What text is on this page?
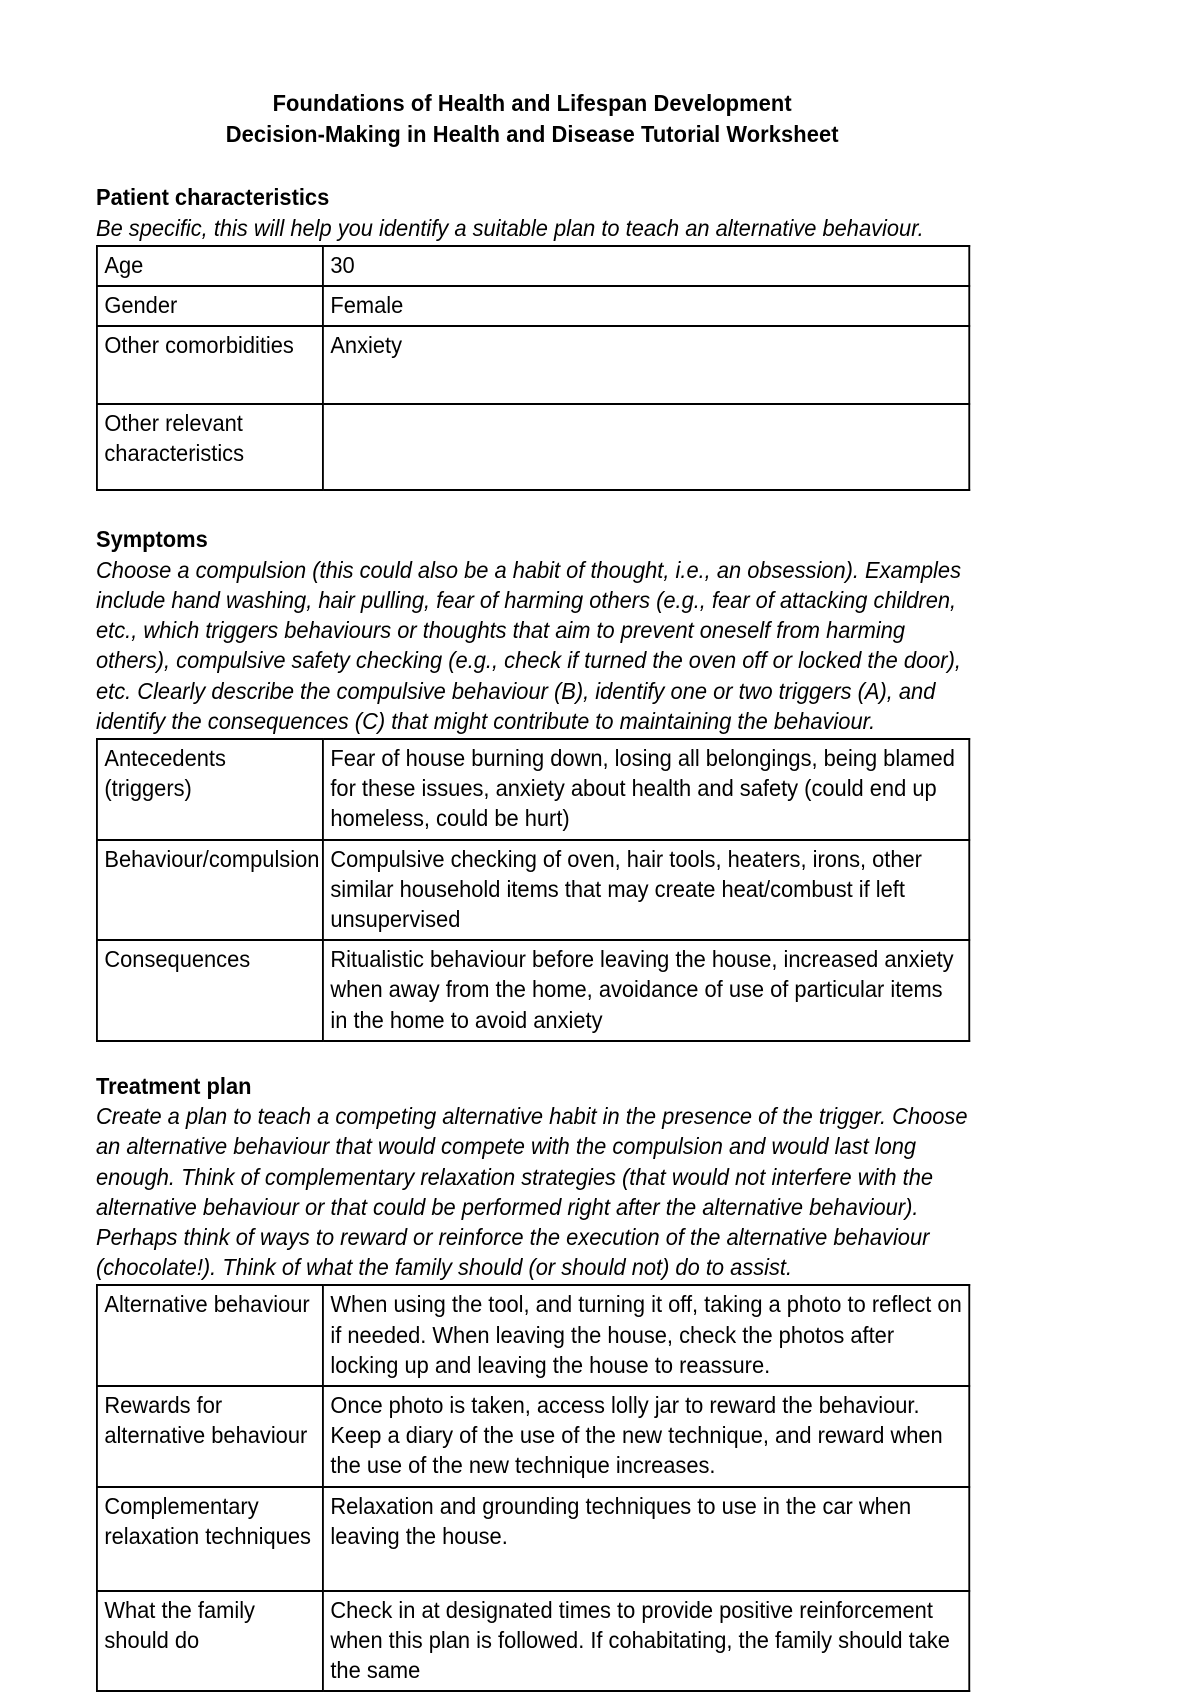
Foundations of Health and Lifespan Development
Decision-Making in Health and Disease Tutorial Worksheet
Patient characteristics
Be specific, this will help you identify a suitable plan to teach an alternative behaviour.
Age	30

Gender	Female

Other comorbidities	Anxiety

Other relevant characteristics	

Symptoms
Choose a compulsion (this could also be a habit of thought, i.e., an obsession). Examples include hand washing, hair pulling, fear of harming others (e.g., fear of attacking children, etc., which triggers behaviours or thoughts that aim to prevent oneself from harming others), compulsive safety checking (e.g., check if turned the oven off or locked the door), etc. Clearly describe the compulsive behaviour (B), identify one or two triggers (A), and identify the consequences (C) that might contribute to maintaining the behaviour.
Antecedents (triggers)	Fear of house burning down, losing all belongings, being blamed for these issues, anxiety about health and safety (could end up homeless, could be hurt)

Behaviour/compulsion	Compulsive checking of oven, hair tools, heaters, irons, other similar household items that may create heat/combust if left unsupervised

Consequences	Ritualistic behaviour before leaving the house, increased anxiety when away from the home, avoidance of use of particular items in the home to avoid anxiety
Treatment plan
Create a plan to teach a competing alternative habit in the presence of the trigger. Choose an alternative behaviour that would compete with the compulsion and would last long enough. Think of complementary relaxation strategies (that would not interfere with the alternative behaviour or that could be performed right after the alternative behaviour). Perhaps think of ways to reward or reinforce the execution of the alternative behaviour (chocolate!). Think of what the family should (or should not) do to assist.
Alternative behaviour	When using the tool, and turning it off, taking a photo to reflect on if needed. When leaving the house, check the photos after locking up and leaving the house to reassure.

Rewards for alternative behaviour	Once photo is taken, access lolly jar to reward the behaviour. Keep a diary of the use of the new technique, and reward when the use of the new technique increases.

Complementary relaxation techniques	Relaxation and grounding techniques to use in the car when leaving the house.

What the family should do	Check in at designated times to provide positive reinforcement when this plan is followed. If cohabitating, the family should take the same
